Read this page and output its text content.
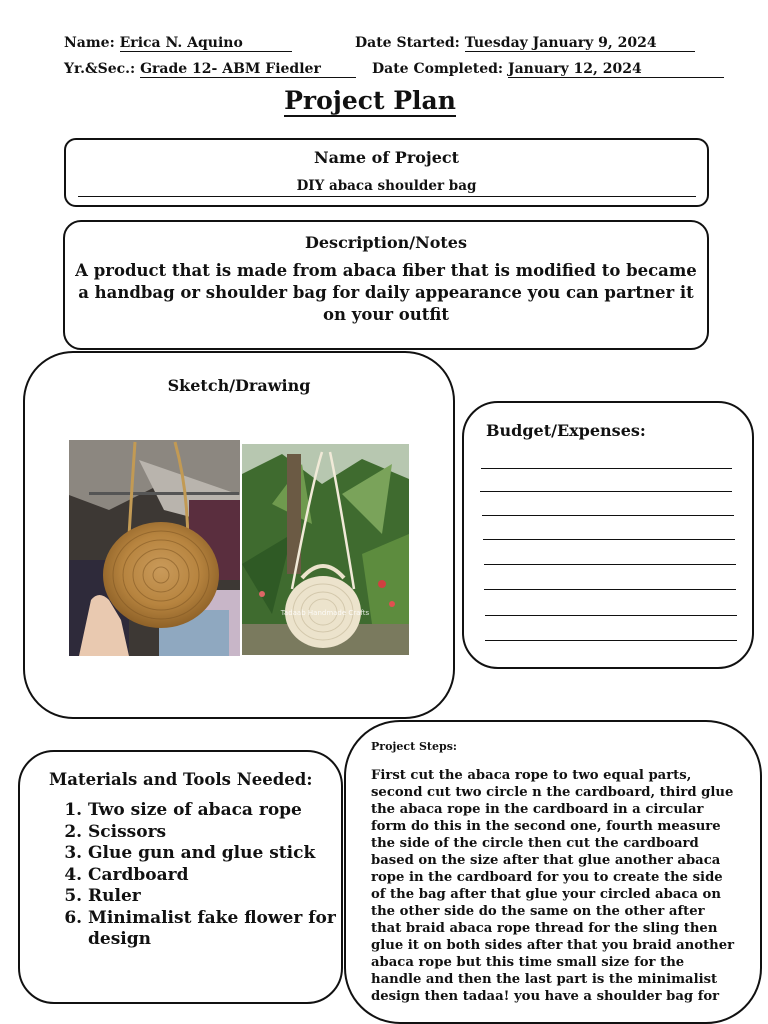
Name: Erica N. Aquino	Date Started: Tuesday January 9, 2024
Yr.&Sec.: Grade 12- ABM Fiedler	Date Completed: January 12, 2024
Project Plan
Name of Project
DIY abaca shoulder bag
Description/Notes
A product that is made from abaca fiber that is modified to became a handbag or shoulder bag for daily appearance you can partner it on your outfit
Sketch/Drawing
Tadaab Handmade Crafts
Budget/Expenses:
Materials and Tools Needed:
1. Two size of abaca rope
2. Scissors
3. Glue gun and glue stick
4. Cardboard
5. Ruler
6. Minimalist fake flower for design
Project Steps:
First cut the abaca rope to two equal parts, second cut two circle n the cardboard, third glue the abaca rope in the cardboard in a circular form do this in the second one, fourth measure the side of the circle then cut the cardboard based on the size after that glue another abaca rope in the cardboard for you to create the side of the bag after that glue your circled abaca on the other side do the same on the other after that braid abaca rope thread for the sling then glue it on both sides after that you braid another abaca rope but this time small size for the handle and then the last part is the minimalist design then tadaa! you have a shoulder bag for
